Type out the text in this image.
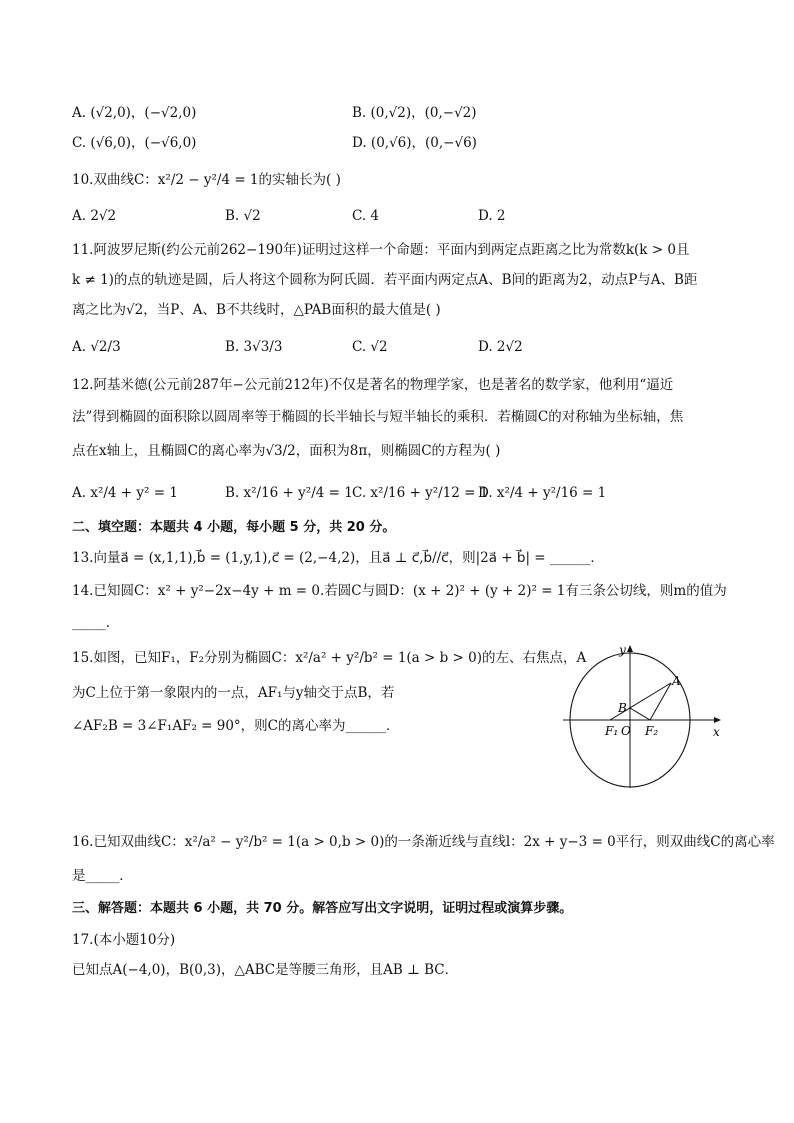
A. (√2,0)，(−√2,0)	B. (0,√2)，(0,−√2)
C. (√6,0)，(−√6,0)	D. (0,√6)，(0,−√6)
10.双曲线C：x²/2 − y²/4 = 1的实轴长为( )
A. 2√2	B. √2	C. 4	D. 2
11.阿波罗尼斯(约公元前262−190年)证明过这样一个命题：平面内到两定点距离之比为常数k(k > 0且
k ≠ 1)的点的轨迹是圆，后人将这个圆称为阿氏圆．若平面内两定点A、B间的距离为2，动点P与A、B距
离之比为√2，当P、A、B不共线时，△PAB面积的最大值是( )
A. √2/3	B. 3√3/3	C. √2	D. 2√2
12.阿基米德(公元前287年−公元前212年)不仅是著名的物理学家，也是著名的数学家，他利用“逼近
法”得到椭圆的面积除以圆周率等于椭圆的长半轴长与短半轴长的乘积．若椭圆C的对称轴为坐标轴，焦
点在x轴上，且椭圆C的离心率为√3/2，面积为8π，则椭圆C的方程为( )
A. x²/4 + y² = 1	B. x²/16 + y²/4 = 1 C. x²/16 + y²/12 = 1
D. x²/4 + y²/16 = 1
二、填空题：本题共 4 小题，每小题 5 分，共 20 分。
13.向量a⃗ = (x,1,1),b⃗ = (1,y,1),c⃗ = (2,−4,2)，且a⃗ ⊥ c⃗,b⃗//c⃗，则|2a⃗ + b⃗| = ______．
14.已知圆C：x² + y²−2x−4y + m = 0.若圆C与圆D：(x + 2)² + (y + 2)² = 1有三条公切线，则m的值为
_____．
15.如图，已知F₁，F₂分别为椭圆C：x²/a² + y²/b² = 1(a > b > 0)的左、右焦点，A
为C上位于第一象限内的一点，AF₁与y轴交于点B，若
∠AF₂B = 3∠F₁AF₂ = 90°，则C的离心率为______．
y
x
A
B
F₁ O F₂
16.已知双曲线C：x²/a² − y²/b² = 1(a > 0,b > 0)的一条渐近线与直线l：2x + y−3 = 0平行，则双曲线C的离心率
是_____．
三、解答题：本题共 6 小题，共 70 分。解答应写出文字说明，证明过程或演算步骤。
17.(本小题10分)
已知点A(−4,0)，B(0,3)，△ABC是等腰三角形，且AB ⊥ BC．
